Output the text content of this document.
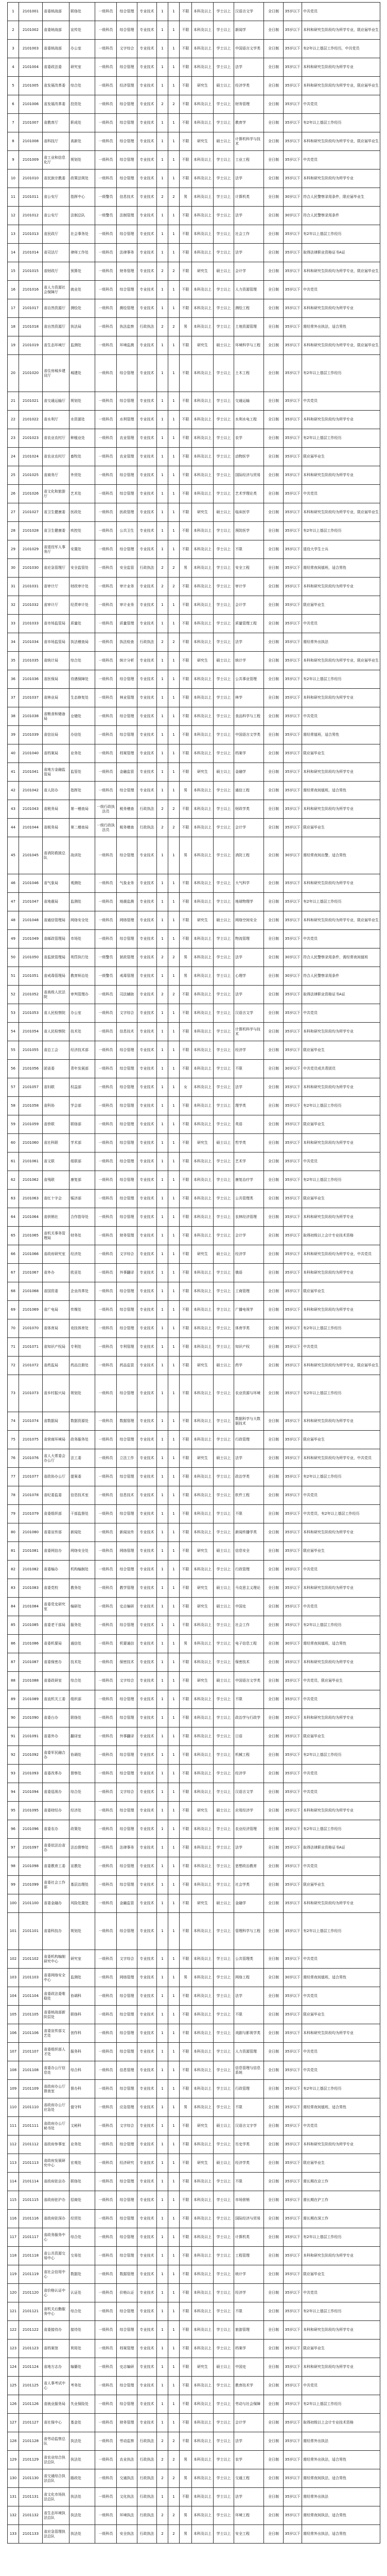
1	2101001	省委统战部	联络处	一级科员	综合管理	专业技术	1	1	不限	本科及以上	学士以上	汉语言文学	全日制	35岁以下	中共党员
2	2101002	省委统战部	宣传处	一级科员	综合管理	专业技术	1	1	不限	本科及以上	学士以上	新闻学	全日制	35岁以下	本科和研究生阶段均为所学专业，限应届毕业生
3	2101003	省委统战部	办公室	一级科员	文字综合	专业技术	1	1	不限	本科及以上	学士以上	中国语言文学类	全日制	35岁以下	有2年以上基层工作经历，中共党员
4	2101004	省委政法委	研究室	一级科员	综合管理	专业技术	1	1	不限	本科及以上	学士以上	法学	全日制	35岁以下	本科和研究生阶段均为所学专业
5	2101005	省发展改革委	综合处	一级科员	经济管理	专业技术	1	1	不限	研究生	硕士以上	经济学类	全日制	35岁以下	本科和研究生阶段均为所学专业，限应届毕业生
6	2101006	省发展改革委	投资处	一级科员	综合管理	专业技术	2	2	不限	本科及以上	学士以上	财务管理	全日制	35岁以下	中共党员
7	2101007	省教育厅	职成处	一级科员	综合管理	专业技术	1	1	不限	本科及以上	学士以上	教育学	全日制	35岁以下	有2年以上基层工作经历
8	2101008	省科技厅	高新处	一级科员	综合管理	专业技术	1	1	不限	研究生	硕士以上	计算机科学与技术	全日制	35岁以下	本科和研究生阶段均为所学专业，限应届毕业生
9	2101009	省工业和信息化厅	规划处	一级科员	综合管理	专业技术	1	1	不限	本科及以上	学士以上	工业工程	全日制	35岁以下	中共党员
10	2101010	省民族宗教委	政策法规处	一级科员	综合管理	专业技术	1	1	不限	本科及以上	学士以上	法学	全日制	35岁以下	本科和研究生阶段均为所学专业
11	2101011	省公安厅	指挥中心	一级警员	信息技术	专业技术	2	2	男	本科及以上	学士以上	计算机类	全日制	30岁以下	符合人民警察录用条件，限应届毕业生
12	2101012	省公安厅	法制总队	一级警员	法制管理	专业技术	1	1	不限	本科及以上	学士以上	法学	全日制	30岁以下	符合人民警察录用条件
13	2101013	省民政厅	社会事务处	一级科员	综合管理	专业技术	1	1	不限	本科及以上	学士以上	社会工作	全日制	35岁以下	有2年以上基层工作经历
14	2101014	省司法厅	律师工作处	一级科员	法律事务	专业技术	1	1	不限	本科及以上	学士以上	法学	全日制	35岁以下	取得法律职业资格证书A证
15	2101015	省财政厅	预算处	一级科员	财务管理	专业技术	2	2	不限	研究生	硕士以上	会计学	全日制	35岁以下	本科和研究生阶段均为所学专业，限应届毕业生
16	2101016	省人力资源社会保障厅	就业处	一级科员	综合管理	专业技术	1	1	不限	本科及以上	学士以上	人力资源管理	全日制	35岁以下	中共党员
17	2101017	省自然资源厅	测绘处	一级科员	测绘管理	专业技术	1	1	不限	本科及以上	学士以上	测绘工程	全日制	35岁以下	本科和研究生阶段均为所学专业
18	2101018	省自然资源厅	执法局	一级科员	执法监察	行政执法	2	2	男	本科及以上	学士以上	土地资源管理	全日制	35岁以下	需经常外出执法，适合男性
19	2101019	省生态环境厅	监测处	一级科员	环境监测	专业技术	1	1	不限	研究生	硕士以上	环境科学与工程	全日制	35岁以下	本科和研究生阶段均为所学专业，限应届毕业生
20	2101020	省住房城乡建设厅	城建处	一级科员	综合管理	专业技术	1	1	不限	本科及以上	学士以上	土木工程	全日制	35岁以下	有2年以上基层工作经历
21	2101021	省交通运输厅	规划处	一级科员	综合管理	专业技术	1	1	不限	本科及以上	学士以上	交通运输	全日制	35岁以下	中共党员
22	2101022	省水利厅	水资源处	一级科员	水利管理	专业技术	1	1	不限	本科及以上	学士以上	水利水电工程	全日制	35岁以下	本科和研究生阶段均为所学专业
23	2101023	省农业农村厅	种植业处	一级科员	农业管理	专业技术	1	1	不限	本科及以上	学士以上	农学	全日制	35岁以下	有2年以上基层工作经历
24	2101024	省农业农村厅	畜牧处	一级科员	农业管理	专业技术	1	1	不限	本科及以上	学士以上	动物医学	全日制	35岁以下	限应届毕业生
25	2101025	省商务厅	外贸处	一级科员	综合管理	专业技术	1	1	不限	本科及以上	学士以上	国际经济与贸易	全日制	35岁以下	本科和研究生阶段均为所学专业
26	2101026	省文化和旅游厅	艺术处	一级科员	综合管理	专业技术	1	1	不限	本科及以上	学士以上	艺术学理论类	全日制	35岁以下	中共党员
27	2101027	省卫生健康委	医政处	一级科员	医政管理	专业技术	1	1	不限	研究生	硕士以上	临床医学	全日制	35岁以下	本科和研究生阶段均为所学专业，限应届毕业生
28	2101028	省卫生健康委	疾控处	一级科员	公共卫生	专业技术	1	1	不限	本科及以上	学士以上	预防医学	全日制	35岁以下	有2年以上基层工作经历
29	2101029	省退役军人事务厅	安置处	一级科员	综合管理	专业技术	1	1	不限	本科及以上	学士以上	不限	全日制	35岁以下	退役大学生士兵
30	2101030	省应急管理厅	安全监管处	一级科员	安全监管	行政执法	2	2	男	本科及以上	学士以上	安全工程	全日制	35岁以下	需经常夜间值班，适合男性
31	2101031	省审计厅	财政审计处	一级科员	审计业务	专业技术	2	2	不限	本科及以上	学士以上	审计学	全日制	35岁以下	本科和研究生阶段均为所学专业
32	2101032	省审计厅	经责审计处	一级科员	审计业务	专业技术	1	1	不限	本科及以上	学士以上	会计学	全日制	35岁以下	限应届毕业生
33	2101033	省市场监管局	质量处	一级科员	质量管理	专业技术	1	1	不限	本科及以上	学士以上	质量管理工程	全日制	35岁以下	中共党员
34	2101034	省市场监管局	执法稽查局	一级科员	执法检查	行政执法	2	2	不限	本科及以上	学士以上	法学	全日制	35岁以下	需经常外出执法
35	2101035	省统计局	综合处	一级科员	统计分析	专业技术	1	1	不限	研究生	硕士以上	统计学	全日制	35岁以下	本科和研究生阶段均为所学专业，限应届毕业生
36	2101036	省医保局	待遇保障处	一级科员	综合管理	专业技术	1	1	不限	本科及以上	学士以上	公共事业管理	全日制	35岁以下	有2年以上基层工作经历
37	2101037	省林业局	生态修复处	一级科员	林业管理	专业技术	1	1	不限	本科及以上	学士以上	林学	全日制	35岁以下	本科和研究生阶段均为所学专业
38	2101038	省粮食和储备局	仓储处	一级科员	综合管理	专业技术	1	1	不限	本科及以上	学士以上	食品科学与工程	全日制	35岁以下	中共党员
39	2101039	省信访局	办信处	一级科员	综合管理	专业技术	1	1	不限	本科及以上	学士以上	中国语言文学类	全日制	35岁以下	需经常值班，适合男性
40	2101040	省档案局	业务处	一级科员	档案管理	专业技术	1	1	不限	本科及以上	学士以上	档案学	全日制	35岁以下	限应届毕业生
41	2101041	省地方金融监管局	监管处	一级科员	金融监管	专业技术	1	1	不限	研究生	硕士以上	金融学	全日制	35岁以下	本科和研究生阶段均为所学专业
42	2101042	省人防办	指挥处	一级科员	综合管理	专业技术	1	1	男	本科及以上	学士以上	通信工程	全日制	35岁以下	需经常夜间值班，适合男性
43	2101043	省税务局	第一稽查局	一级行政执法员	税务稽查	行政执法	2	2	不限	本科及以上	学士以上	财政学类	全日制	35岁以下	本科和研究生阶段均为所学专业
44	2101044	省税务局	第二稽查局	一级行政执法员	税务稽查	行政执法	2	2	不限	本科及以上	学士以上	会计学	全日制	35岁以下	限应届毕业生
45	2101045	省消防救援总队	战训处	一级科员	综合管理	专业技术	1	1	男	本科及以上	学士以上	消防工程	全日制	30岁以下	需经常夜间出警，适合男性
46	2101046	省气象局	观测处	一级科员	气象业务	专业技术	1	1	不限	本科及以上	学士以上	大气科学	全日制	35岁以下	本科和研究生阶段均为所学专业
47	2101047	省地震局	监测处	一级科员	地震监测	专业技术	1	1	不限	本科及以上	学士以上	地球物理学	全日制	35岁以下	有2年以上基层工作经历
48	2101048	省通信管理局	网络安全处	一级科员	网络管理	专业技术	1	1	不限	研究生	硕士以上	网络空间安全	全日制	35岁以下	本科和研究生阶段均为所学专业，限应届毕业生
49	2101049	省邮政管理局	市场处	一级科员	综合管理	专业技术	1	1	不限	本科及以上	学士以上	物流管理	全日制	35岁以下	中共党员
50	2101050	省监狱管理局	刑罚执行处	一级警员	狱政管理	专业技术	2	2	男	本科及以上	学士以上	法学	全日制	30岁以下	符合人民警察录用条件，需经常夜间值班
51	2101051	省戒毒管理局	教育矫治处	一级警员	戒毒管理	专业技术	1	1	男	本科及以上	学士以上	心理学	全日制	30岁以下	符合人民警察录用条件
52	2101052	省高级人民法院	审判管理办	一级科员	司法辅助	专业技术	2	2	不限	本科及以上	学士以上	法学	全日制	35岁以下	取得法律职业资格证书A证
53	2101053	省人民检察院	办公室	一级科员	文字综合	专业技术	1	1	不限	本科及以上	学士以上	汉语言文学	全日制	35岁以下	中共党员
54	2101054	省人民检察院	技术处	一级科员	信息技术	专业技术	1	1	不限	本科及以上	学士以上	计算机科学与技术	全日制	35岁以下	本科和研究生阶段均为所学专业
55	2101055	省总工会	经济技术部	一级科员	综合管理	专业技术	1	1	不限	本科及以上	学士以上	经济学	全日制	35岁以下	限应届毕业生
56	2101056	团省委	青年发展部	一级科员	综合管理	专业技术	1	1	不限	本科及以上	学士以上	不限	全日制	30岁以下	中共党员或共青团员
57	2101057	省妇联	权益部	一级科员	综合管理	专业技术	1	1	女	本科及以上	学士以上	法学	全日制	35岁以下	本科和研究生阶段均为所学专业
58	2101058	省科协	学会部	一级科员	综合管理	专业技术	1	1	不限	本科及以上	学士以上	理学类	全日制	35岁以下	有2年以上基层工作经历
59	2101059	省侨联	联络部	一级科员	综合管理	专业技术	1	1	不限	本科及以上	学士以上	英语	全日制	35岁以下	限应届毕业生
60	2101060	省社科联	学术部	一级科员	综合管理	专业技术	1	1	不限	研究生	硕士以上	哲学类	全日制	35岁以下	本科和研究生阶段均为所学专业
61	2101061	省文联	组联部	一级科员	综合管理	专业技术	1	1	不限	本科及以上	学士以上	艺术学	全日制	35岁以下	中共党员
62	2101062	省残联	康复部	一级科员	综合管理	专业技术	1	1	不限	本科及以上	学士以上	康复治疗学	全日制	35岁以下	有2年以上基层工作经历
63	2101063	省红十字会	赈济部	一级科员	综合管理	专业技术	1	1	不限	本科及以上	学士以上	公共管理类	全日制	35岁以下	限应届毕业生
64	2101064	省供销社	合作指导处	一级科员	综合管理	专业技术	1	1	不限	本科及以上	学士以上	农林经济管理	全日制	35岁以下	本科和研究生阶段均为所学专业
65	2101065	省机关事务管理局	财务处	一级科员	财务管理	专业技术	1	1	不限	本科及以上	学士以上	会计学	全日制	35岁以下	取得初级以上会计专业技术资格
66	2101066	省政府研究室	经济处	一级科员	文字综合	专业技术	1	1	不限	研究生	硕士以上	经济学	全日制	35岁以下	本科和研究生阶段均为所学专业，中共党员
67	2101067	省外办	欧亚处	一级科员	外事翻译	专业技术	1	1	不限	本科及以上	学士以上	俄语	全日制	35岁以下	本科和研究生阶段均为所学专业
68	2101068	省国资委	企业改革处	一级科员	综合管理	专业技术	1	1	不限	本科及以上	学士以上	工商管理	全日制	35岁以下	限应届毕业生
69	2101069	省广电局	传媒处	一级科员	综合管理	专业技术	1	1	不限	本科及以上	学士以上	广播电视学	全日制	35岁以下	本科和研究生阶段均为所学专业
70	2101070	省体育局	竞技体育处	一级科员	综合管理	专业技术	1	1	不限	本科及以上	学士以上	体育学类	全日制	35岁以下	有2年以上基层工作经历
71	2101071	省知识产权局	专利处	一级科员	专利管理	专业技术	1	1	不限	本科及以上	学士以上	知识产权	全日制	35岁以下	中共党员
72	2101072	省药监局	药品注册处	一级科员	药品监管	专业技术	1	1	不限	研究生	硕士以上	药学	全日制	35岁以下	本科和研究生阶段均为所学专业，限应届毕业生
73	2101073	省乡村振兴局	规划处	一级科员	综合管理	专业技术	1	1	不限	本科及以上	学士以上	农业资源与环境	全日制	35岁以下	有2年以上基层工作经历
74	2101074	省数据局	数据资源处	一级科员	数据管理	专业技术	1	1	不限	本科及以上	学士以上	数据科学与大数据技术	全日制	35岁以下	本科和研究生阶段均为所学专业
75	2101075	省营商环境局	政务服务处	一级科员	综合管理	专业技术	1	1	不限	本科及以上	学士以上	行政管理	全日制	35岁以下	限应届毕业生
76	2101076	省人大常委会办公厅	法工委	一级科员	立法工作	专业技术	1	1	不限	研究生	硕士以上	法学	全日制	35岁以下	本科和研究生阶段均为所学专业，中共党员
77	2101077	省政协办公厅	提案委	一级科员	综合管理	专业技术	1	1	不限	本科及以上	学士以上	政治学类	全日制	35岁以下	有2年以上基层工作经历
78	2101078	省纪委监委	信息技术室	一级科员	信息技术	专业技术	1	1	不限	本科及以上	学士以上	软件工程	全日制	35岁以下	中共党员
79	2101079	省委组织部	干部监督处	一级科员	综合管理	专业技术	1	1	不限	本科及以上	学士以上	不限	全日制	35岁以下	中共党员，有2年以上基层工作经历
80	2101080	省委宣传部	新闻处	一级科员	新闻宣传	专业技术	1	1	不限	本科及以上	学士以上	新闻传播学类	全日制	35岁以下	本科和研究生阶段均为所学专业
81	2101081	省委网信办	网络安全处	一级科员	网络管理	专业技术	1	1	不限	研究生	硕士以上	信息安全	全日制	35岁以下	限应届毕业生
82	2101082	省委编办	机构编制处	一级科员	综合管理	专业技术	1	1	不限	本科及以上	学士以上	行政管理	全日制	35岁以下	中共党员
83	2101083	省委党校	教务处	一级科员	教学管理	专业技术	1	1	不限	研究生	硕士以上	马克思主义理论	全日制	35岁以下	本科和研究生阶段均为所学专业
84	2101084	省委党史研究室	编研处	一级科员	史志编研	专业技术	1	1	不限	研究生	硕士以上	中国史	全日制	35岁以下	中共党员
85	2101085	省委老干部局	服务处	一级科员	综合管理	专业技术	1	1	不限	本科及以上	学士以上	社会工作	全日制	35岁以下	有2年以上基层工作经历
86	2101086	省委机要局	通信处	一级科员	机要通信	专业技术	1	1	男	本科及以上	学士以上	电子信息工程	全日制	30岁以下	需经常夜间值班，适合男性
87	2101087	省委保密办	技术处	一级科员	保密技术	专业技术	1	1	不限	本科及以上	学士以上	保密技术	全日制	35岁以下	本科和研究生阶段均为所学专业
88	2101088	省委政研室	综合处	一级科员	文字综合	专业技术	1	1	不限	研究生	硕士以上	中国语言文学类	全日制	35岁以下	中共党员，限应届毕业生
89	2101089	省直机关工委	组织部	一级科员	综合管理	专业技术	1	1	不限	本科及以上	学士以上	不限	全日制	35岁以下	中共党员
90	2101090	省委台办	联络处	一级科员	综合管理	专业技术	1	1	不限	本科及以上	学士以上	政治学与行政学	全日制	35岁以下	本科和研究生阶段均为所学专业
91	2101091	省委外办	翻译室	一级科员	外事翻译	专业技术	1	1	不限	本科及以上	学士以上	日语	全日制	35岁以下	限应届毕业生
92	2101092	省委军民融合办	协调处	一级科员	综合管理	专业技术	1	1	不限	本科及以上	学士以上	机械工程	全日制	35岁以下	有2年以上基层工作经历
93	2101093	省委改革办	督察处	一级科员	综合管理	专业技术	1	1	不限	本科及以上	学士以上	经济学	全日制	35岁以下	中共党员
94	2101094	省委巡视办	综合处	一级科员	文字综合	专业技术	1	1	不限	本科及以上	学士以上	汉语言文学	全日制	35岁以下	中共党员
95	2101095	省委财经办	经济处	一级科员	综合管理	专业技术	1	1	不限	研究生	硕士以上	应用经济学	全日制	35岁以下	本科和研究生阶段均为所学专业
96	2101096	省委农办	政策处	一级科员	综合管理	专业技术	1	1	不限	本科及以上	学士以上	农业经济管理	全日制	35岁以下	有2年以上基层工作经历
97	2101097	省委依法治省办	法治督察处	一级科员	法律事务	专业技术	1	1	不限	本科及以上	学士以上	法学	全日制	35岁以下	取得法律职业资格证书A证
98	2101098	省委教育工委	宣教处	一级科员	综合管理	专业技术	1	1	不限	本科及以上	学士以上	思想政治教育	全日制	35岁以下	中共党员
99	2101099	省委社会工作部	基层治理处	一级科员	综合管理	专业技术	1	1	不限	本科及以上	学士以上	社会学类	全日制	35岁以下	限应届毕业生
100	2101100	省委金融办	风险处置处	一级科员	金融监管	专业技术	1	1	不限	研究生	硕士以上	金融学	全日制	35岁以下	本科和研究生阶段均为所学专业
101	2101101	省委科技办	规划处	一级科员	综合管理	专业技术	1	1	不限	本科及以上	学士以上	管理科学与工程	全日制	35岁以下	有2年以上基层工作经历
102	2101102	省委机构编制研究中心	研究室	一级科员	文字综合	专业技术	1	1	不限	本科及以上	学士以上	公共管理类	全日制	35岁以下	中共党员
103	2101103	省委网络安全中心	监测处	一级科员	网络管理	专业技术	1	1	男	本科及以上	学士以上	网络工程	全日制	30岁以下	需经常夜间值班，适合男性
104	2101104	省委政法委维稳处	协调科	一级科员	综合管理	专业技术	1	1	不限	本科及以上	学士以上	法学	全日制	35岁以下	中共党员
105	2101105	省委统战部新阶层处	联络科	一级科员	综合管理	专业技术	1	1	不限	本科及以上	学士以上	不限	全日制	35岁以下	限应届毕业生
106	2101106	省委宣传部文艺处	创作科	一级科员	综合管理	专业技术	1	1	不限	本科及以上	学士以上	戏剧与影视学类	全日制	35岁以下	本科和研究生阶段均为所学专业
107	2101107	省委组织部人才处	服务科	一级科员	综合管理	专业技术	1	1	不限	本科及以上	学士以上	人力资源管理	全日制	35岁以下	中共党员
108	2101108	省委办公厅信息处	综合科	一级科员	信息管理	专业技术	1	1	不限	本科及以上	学士以上	信息管理与信息系统	全日制	35岁以下	中共党员
109	2101109	省政府办公厅督查室	督办科	一级科员	综合管理	专业技术	1	1	不限	本科及以上	学士以上	行政管理	全日制	35岁以下	有2年以上基层工作经历
110	2101110	省政府办公厅应急处	值守科	一级科员	应急管理	专业技术	1	1	男	本科及以上	学士以上	不限	全日制	35岁以下	需经常夜间值班，适合男性
111	2101111	省政府办公厅秘书处	文秘科	一级科员	文字综合	专业技术	1	1	不限	研究生	硕士以上	汉语言文字学	全日制	35岁以下	中共党员
112	2101112	省政府参事室	业务处	一级科员	综合管理	专业技术	1	1	不限	本科及以上	学士以上	历史学类	全日制	35岁以下	本科和研究生阶段均为所学专业
113	2101113	省政府发展研究中心	宏观处	一级科员	经济研究	专业技术	1	1	不限	研究生	硕士以上	经济学类	全日制	35岁以下	限应届毕业生
114	2101114	省政府驻京办	联络处	一级科员	综合管理	专业技术	1	1	不限	本科及以上	学士以上	不限	全日制	35岁以下	需长期在京工作
115	2101115	省政府驻沪办	招商处	一级科员	综合管理	专业技术	1	1	不限	本科及以上	学士以上	市场营销	全日制	35岁以下	需长期在沪工作
116	2101116	省政府驻深办	经贸处	一级科员	综合管理	专业技术	1	1	不限	本科及以上	学士以上	国际经济与贸易	全日制	35岁以下	需长期在深工作
117	2101117	省政务服务中心	综合处	一级科员	综合管理	专业技术	1	1	不限	本科及以上	学士以上	计算机类	全日制	35岁以下	有2年以上基层工作经历
118	2101118	省公共资源交易中心	交易处	一级科员	综合管理	专业技术	1	1	不限	本科及以上	学士以上	工程管理	全日制	35岁以下	本科和研究生阶段均为所学专业
119	2101119	省社会信用中心	数据处	一级科员	数据管理	专业技术	1	1	不限	本科及以上	学士以上	统计学	全日制	35岁以下	限应届毕业生
120	2101120	省价格认证中心	认证处	一级科员	价格认证	专业技术	1	1	不限	本科及以上	学士以上	经济学	全日制	35岁以下	中共党员
121	2101121	省机关后勤服务中心	综合处	一级科员	综合管理	专业技术	1	1	不限	本科及以上	学士以上	不限	全日制	35岁以下	有2年以上基层工作经历
122	2101122	省委接待办	接待处	一级科员	综合管理	专业技术	1	1	不限	本科及以上	学士以上	旅游管理	全日制	35岁以下	本科和研究生阶段均为所学专业
123	2101123	省档案馆	利用处	一级科员	档案管理	专业技术	1	1	不限	本科及以上	学士以上	档案学	全日制	35岁以下	限应届毕业生
124	2101124	省地方志办	编纂处	一级科员	史志编研	专业技术	1	1	不限	研究生	硕士以上	中国史	全日制	35岁以下	本科和研究生阶段均为所学专业
125	2101125	省人事考试中心	考务处	一级科员	综合管理	专业技术	1	1	不限	本科及以上	学士以上	教育技术学	全日制	35岁以下	中共党员
126	2101126	省就业服务局	失业保险处	一级科员	综合管理	专业技术	1	1	不限	本科及以上	学士以上	劳动与社会保障	全日制	35岁以下	有2年以上基层工作经历
127	2101127	省社保中心	基金处	一级科员	财务管理	专业技术	1	1	不限	本科及以上	学士以上	会计学	全日制	35岁以下	取得初级以上会计专业技术资格
128	2101128	省劳动监察总队	执法处	一级科员	劳动监察	行政执法	2	2	不限	本科及以上	学士以上	法学	全日制	35岁以下	需经常外出执法
129	2101129	省农业综合执法总队	执法处	一级科员	农业执法	行政执法	2	2	男	本科及以上	学士以上	农学	全日制	35岁以下	需经常外出执法，适合男性
130	2101130	省交通综合执法总队	路政处	一级科员	交通执法	行政执法	2	2	男	本科及以上	学士以上	交通工程	全日制	35岁以下	需经常夜间执法，适合男性
131	2101131	省文化市场执法总队	执法处	一级科员	文化执法	行政执法	1	1	不限	本科及以上	学士以上	法学	全日制	35岁以下	需经常外出执法
132	2101132	省生态环境执法总队	执法处	一级科员	环境执法	行政执法	2	2	男	本科及以上	学士以上	环境工程	全日制	35岁以下	需经常夜间执法，适合男性
133	2101133	省应急管理执法总队	执法处	一级科员	安全执法	行政执法	2	2	男	本科及以上	学士以上	安全工程	全日制	35岁以下	需经常外出执法，适合男性
